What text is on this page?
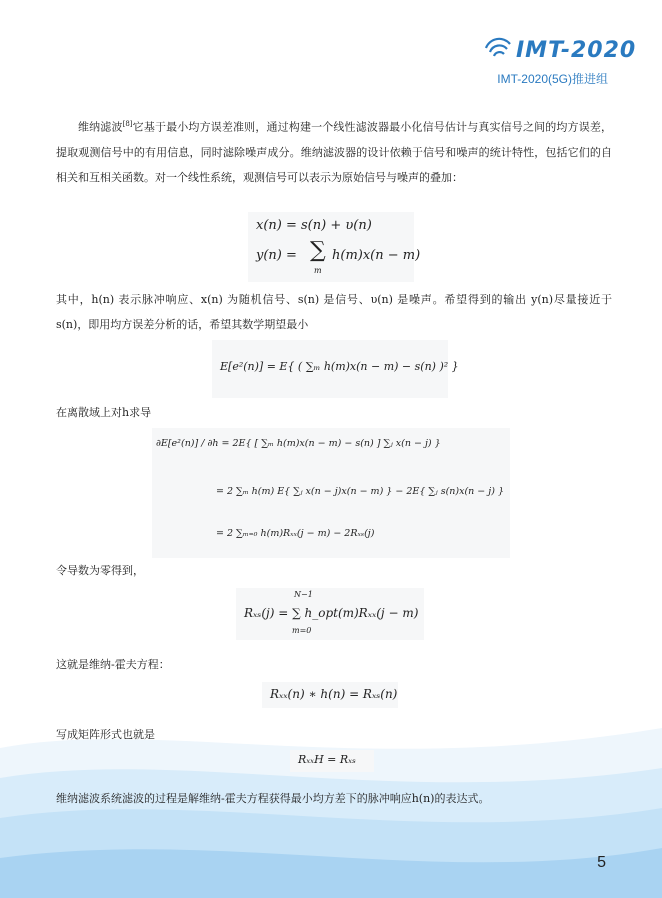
IMT-2020
IMT-2020(5G)推进组
维纳滤波[8]它基于最小均方误差准则，通过构建一个线性滤波器最小化信号估计与真实信号之间的均方误差，提取观测信号中的有用信息，同时滤除噪声成分。维纳滤波器的设计依赖于信号和噪声的统计特性，包括它们的自相关和互相关函数。对一个线性系统，观测信号可以表示为原始信号与噪声的叠加：
x(n) = s(n) + υ(n)
y(n) = ∑
m
h(m)x(n − m)
其中，h(n) 表示脉冲响应、x(n) 为随机信号、s(n) 是信号、υ(n) 是噪声。希望得到的输出 y(n)尽量接近于 s(n)，即用均方误差分析的话，希望其数学期望最小
E[e²(n)] = E{ ( ∑ₘ h(m)x(n − m) − s(n) )² }
在离散域上对h求导
∂E[e²(n)] / ∂h = 2E{ [ ∑ₘ h(m)x(n − m) − s(n) ] ∑ⱼ x(n − j) }
= 2 ∑ₘ h(m) E{ ∑ⱼ x(n − j)x(n − m) } − 2E{ ∑ⱼ s(n)x(n − j) }
= 2 ∑ₘ₌₀ h(m)Rₓₓ(j − m) − 2Rₓₛ(j)
令导数为零得到，
N−1
Rₓₛ(j) = ∑ h_opt(m)Rₓₓ(j − m)
m=0
这就是维纳-霍夫方程：
Rₓₓ(n) ∗ h(n) = Rₓₛ(n)
写成矩阵形式也就是
RₓₓH = Rₓₛ
维纳滤波系统滤波的过程是解维纳-霍夫方程获得最小均方差下的脉冲响应h(n)的表达式。
5
